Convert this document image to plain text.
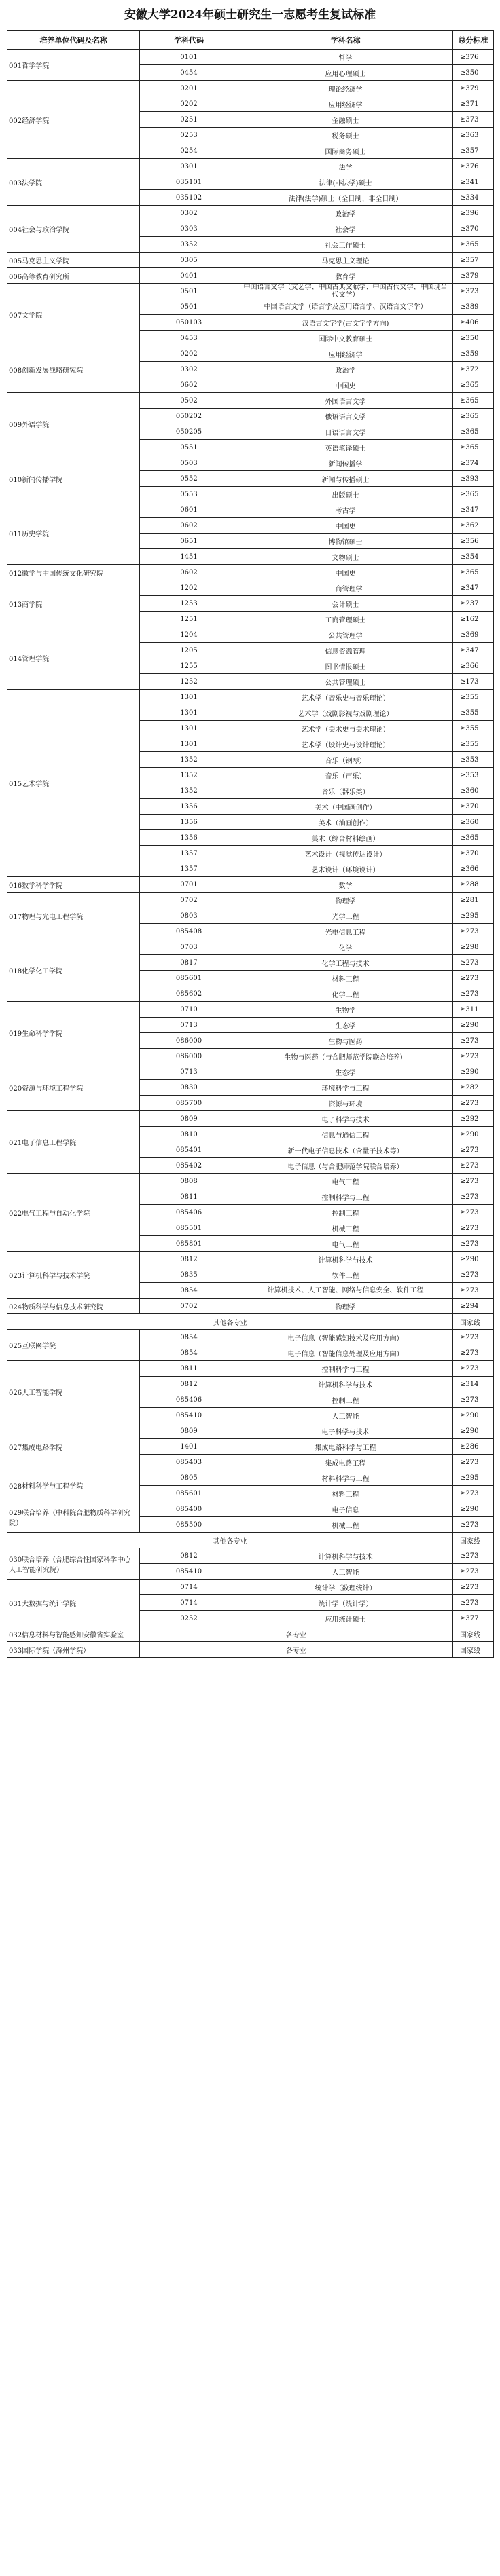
安徽大学2024年硕士研究生一志愿考生复试标准
培养单位代码及名称	学科代码	学科名称	总分标准
001哲学学院	0101	哲学	≥376
	0454	应用心理硕士	≥350
002经济学院	0201	理论经济学	≥379
	0202	应用经济学	≥371
	0251	金融硕士	≥373
	0253	税务硕士	≥363
	0254	国际商务硕士	≥357
003法学院	0301	法学	≥376
	035101	法律(非法学)硕士	≥341
	035102	法律(法学)硕士（全日制、非全日制）	≥334
004社会与政治学院	0302	政治学	≥396
	0303	社会学	≥370
	0352	社会工作硕士	≥365
005马克思主义学院	0305	马克思主义理论	≥357
006高等教育研究所	0401	教育学	≥379
007文学院	0501	中国语言文学（文艺学、中国古典文献学、中国古代文学、中国现当代文学）	≥373
	0501	中国语言文学（语言学及应用语言学、汉语言文字学）	≥389
	050103	汉语言文字学(古文字学方向)	≥406
	0453	国际中文教育硕士	≥350
008创新发展战略研究院	0202	应用经济学	≥359
	0302	政治学	≥372
	0602	中国史	≥365
009外语学院	0502	外国语言文学	≥365
	050202	俄语语言文学	≥365
	050205	日语语言文学	≥365
	0551	英语笔译硕士	≥365
010新闻传播学院	0503	新闻传播学	≥374
	0552	新闻与传播硕士	≥393
	0553	出版硕士	≥365
011历史学院	0601	考古学	≥347
	0602	中国史	≥362
	0651	博物馆硕士	≥356
	1451	文物硕士	≥354
012徽学与中国传统文化研究院	0602	中国史	≥365
013商学院	1202	工商管理学	≥347
	1253	会计硕士	≥237
	1251	工商管理硕士	≥162
014管理学院	1204	公共管理学	≥369
	1205	信息资源管理	≥347
	1255	图书情报硕士	≥366
	1252	公共管理硕士	≥173
015艺术学院	1301	艺术学（音乐史与音乐理论）	≥355
	1301	艺术学（戏剧影视与戏剧理论）	≥355
	1301	艺术学（美术史与美术理论）	≥355
	1301	艺术学（设计史与设计理论）	≥355
	1352	音乐（钢琴）	≥353
	1352	音乐（声乐）	≥353
	1352	音乐（器乐类）	≥360
	1356	美术（中国画创作）	≥370
	1356	美术（油画创作）	≥360
	1356	美术（综合材料绘画）	≥365
	1357	艺术设计（视觉传达设计）	≥370
	1357	艺术设计（环境设计）	≥366
016数学科学学院	0701	数学	≥288
017物理与光电工程学院	0702	物理学	≥281
	0803	光学工程	≥295
	085408	光电信息工程	≥273
018化学化工学院	0703	化学	≥298
	0817	化学工程与技术	≥273
	085601	材料工程	≥273
	085602	化学工程	≥273
019生命科学学院	0710	生物学	≥311
	0713	生态学	≥290
	086000	生物与医药	≥273
	086000	生物与医药（与合肥师范学院联合培养）	≥273
020资源与环境工程学院	0713	生态学	≥290
	0830	环境科学与工程	≥282
	085700	资源与环境	≥273
021电子信息工程学院	0809	电子科学与技术	≥292
	0810	信息与通信工程	≥290
	085401	新一代电子信息技术（含量子技术等）	≥273
	085402	电子信息（与合肥师范学院联合培养）	≥273
022电气工程与自动化学院	0808	电气工程	≥273
	0811	控制科学与工程	≥273
	085406	控制工程	≥273
	085501	机械工程	≥273
	085801	电气工程	≥273
023计算机科学与技术学院	0812	计算机科学与技术	≥290
	0835	软件工程	≥273
	0854	计算机技术、人工智能、网络与信息安全、软件工程	≥273
024物质科学与信息技术研究院	0702	物理学	≥294
其他各专业			国家线
025互联网学院	0854	电子信息（智能感知技术及应用方向）	≥273
	0854	电子信息（智能信息处理及应用方向）	≥273
026人工智能学院	0811	控制科学与工程	≥273
	0812	计算机科学与技术	≥314
	085406	控制工程	≥273
	085410	人工智能	≥290
027集成电路学院	0809	电子科学与技术	≥290
	1401	集成电路科学与工程	≥286
	085403	集成电路工程	≥273
028材料科学与工程学院	0805	材料科学与工程	≥295
	085601	材料工程	≥273
029联合培养（中科院合肥物质科学研究院）	085400	电子信息	≥290
	085500	机械工程	≥273
其他各专业			国家线
030联合培养（合肥综合性国家科学中心人工智能研究院）	0812	计算机科学与技术	≥273
	085410	人工智能	≥273
031大数据与统计学院	0714	统计学（数理统计）	≥273
	0714	统计学（统计学）	≥273
	0252	应用统计硕士	≥377
032信息材料与智能感知安徽省实验室	各专业		国家线
033国际学院（滁州学院）	各专业		国家线
